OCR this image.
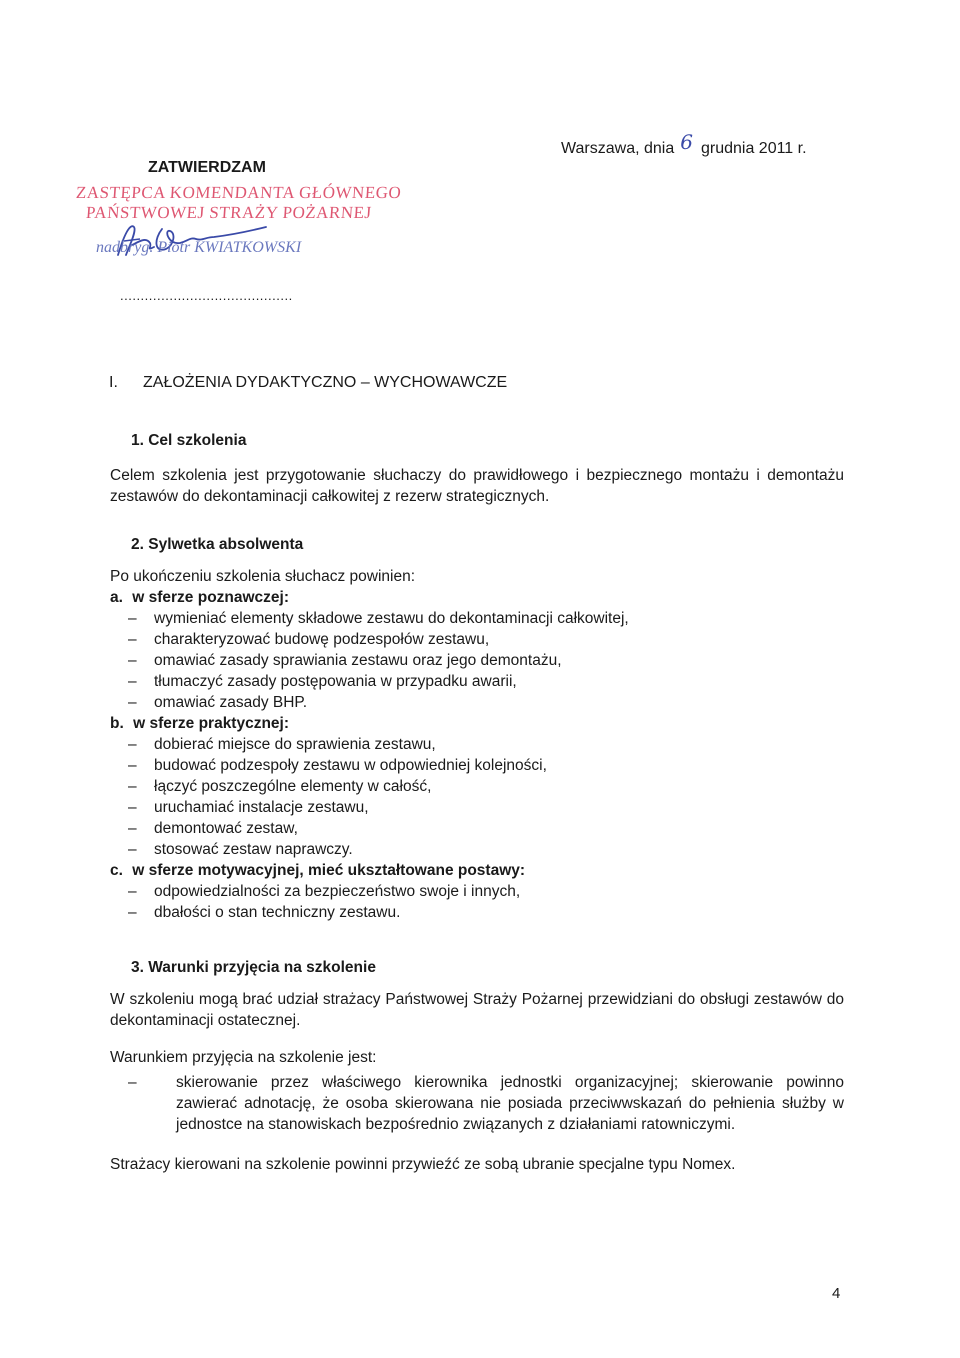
Warszawa, dnia 6 grudnia 2011 r.
ZATWIERDZAM
ZASTĘPCA KOMENDANTA GŁÓWNEGO
PAŃSTWOWEJ STRAŻY POŻARNEJ
nadbryg. Piotr KWIATKOWSKI
..........................................
I. ZAŁOŻENIA DYDAKTYCZNO – WYCHOWAWCZE
1. Cel szkolenia
Celem szkolenia jest przygotowanie słuchaczy do prawidłowego i bezpiecznego montażu i demontażu zestawów do dekontaminacji całkowitej z rezerw strategicznych.
2. Sylwetka absolwenta
Po ukończeniu szkolenia słuchacz powinien:
a. w sferze poznawczej:
– wymieniać elementy składowe zestawu do dekontaminacji całkowitej,
– charakteryzować budowę podzespołów zestawu,
– omawiać zasady sprawiania zestawu oraz jego demontażu,
– tłumaczyć zasady postępowania w przypadku awarii,
– omawiać zasady BHP.
b. w sferze praktycznej:
– dobierać miejsce do sprawienia zestawu,
– budować podzespoły zestawu w odpowiedniej kolejności,
– łączyć poszczególne elementy w całość,
– uruchamiać instalacje zestawu,
– demontować zestaw,
– stosować zestaw naprawczy.
c. w sferze motywacyjnej, mieć ukształtowane postawy:
– odpowiedzialności za bezpieczeństwo swoje i innych,
– dbałości o stan techniczny zestawu.
3. Warunki przyjęcia na szkolenie
W szkoleniu mogą brać udział strażacy Państwowej Straży Pożarnej przewidziani do obsługi zestawów do dekontaminacji ostatecznej.
Warunkiem przyjęcia na szkolenie jest:
–	skierowanie przez właściwego kierownika jednostki organizacyjnej; skierowanie powinno zawierać adnotację, że osoba skierowana nie posiada przeciwwskazań do pełnienia służby w jednostce na stanowiskach bezpośrednio związanych z działaniami ratowniczymi.
Strażacy kierowani na szkolenie powinni przywieźć ze sobą ubranie specjalne typu Nomex.
4
